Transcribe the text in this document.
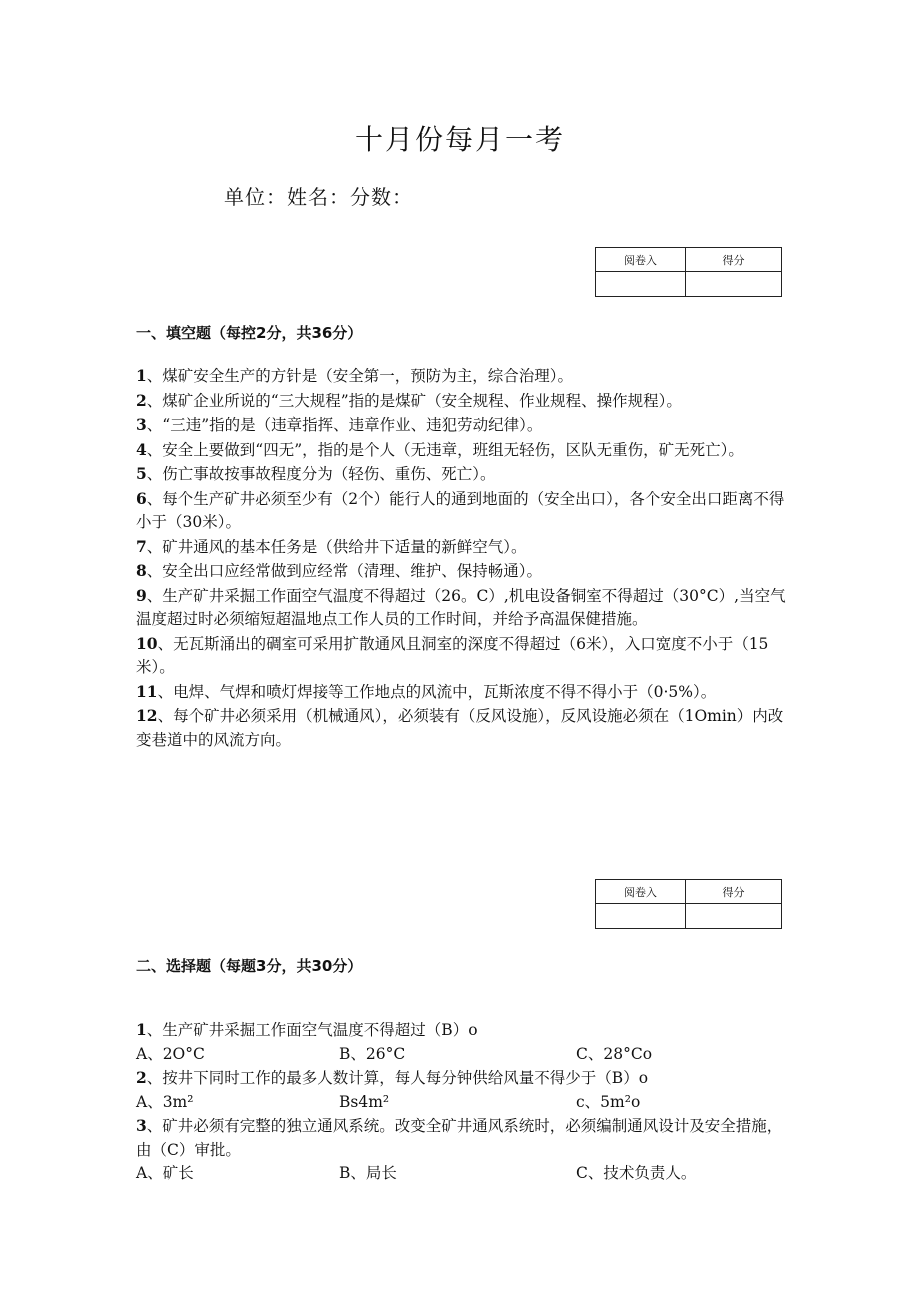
十月份每月一考
单位：姓名：分数：
阅卷入	得分

一、填空题（每控2分，共36分）

1、煤矿安全生产的方针是（安全第一，预防为主，综合治理）。

2、煤矿企业所说的“三大规程”指的是煤矿（安全规程、作业规程、操作规程）。

3、“三违”指的是（违章指挥、违章作业、违犯劳动纪律）。

4、安全上要做到“四无”，指的是个人（无违章，班组无轻伤，区队无重伤，矿无死亡）。

5、伤亡事故按事故程度分为（轻伤、重伤、死亡）。

6、每个生产矿井必须至少有（2个）能行人的通到地面的（安全出口），各个安全出口距离不得小于（30米）。

7、矿井通风的基本任务是（供给井下适量的新鲜空气）。

8、安全出口应经常做到应经常（清理、维护、保持畅通）。

9、生产矿井采掘工作面空气温度不得超过（26。C）,机电设备铜室不得超过（30°C）,当空气温度超过时必须缩短超温地点工作人员的工作时间，并给予高温保健措施。

10、无瓦斯涌出的碉室可采用扩散通风且洞室的深度不得超过（6米），入口宽度不小于（15米）。

11、电焊、气焊和喷灯焊接等工作地点的风流中，瓦斯浓度不得不得小于（0·5%）。

12、每个矿井必须采用（机械通风），必须装有（反风设施），反风设施必须在（1Omin）内改变巷道中的风流方向。

阅卷入	得分

二、选择题（每题3分，共30分）

1、生产矿井采掘工作面空气温度不得超过（B）o

A、2O°C	B、26°C	C、28°Co

2、按井下同时工作的最多人数计算，每人每分钟供给风量不得少于（B）o

A、3m²	Bs4m²	c、5m²o

3、矿井必须有完整的独立通风系统。改变全矿井通风系统时，必须编制通风设计及安全措施，由（C）审批。

A、矿长	B、局长	C、技术负责人。
